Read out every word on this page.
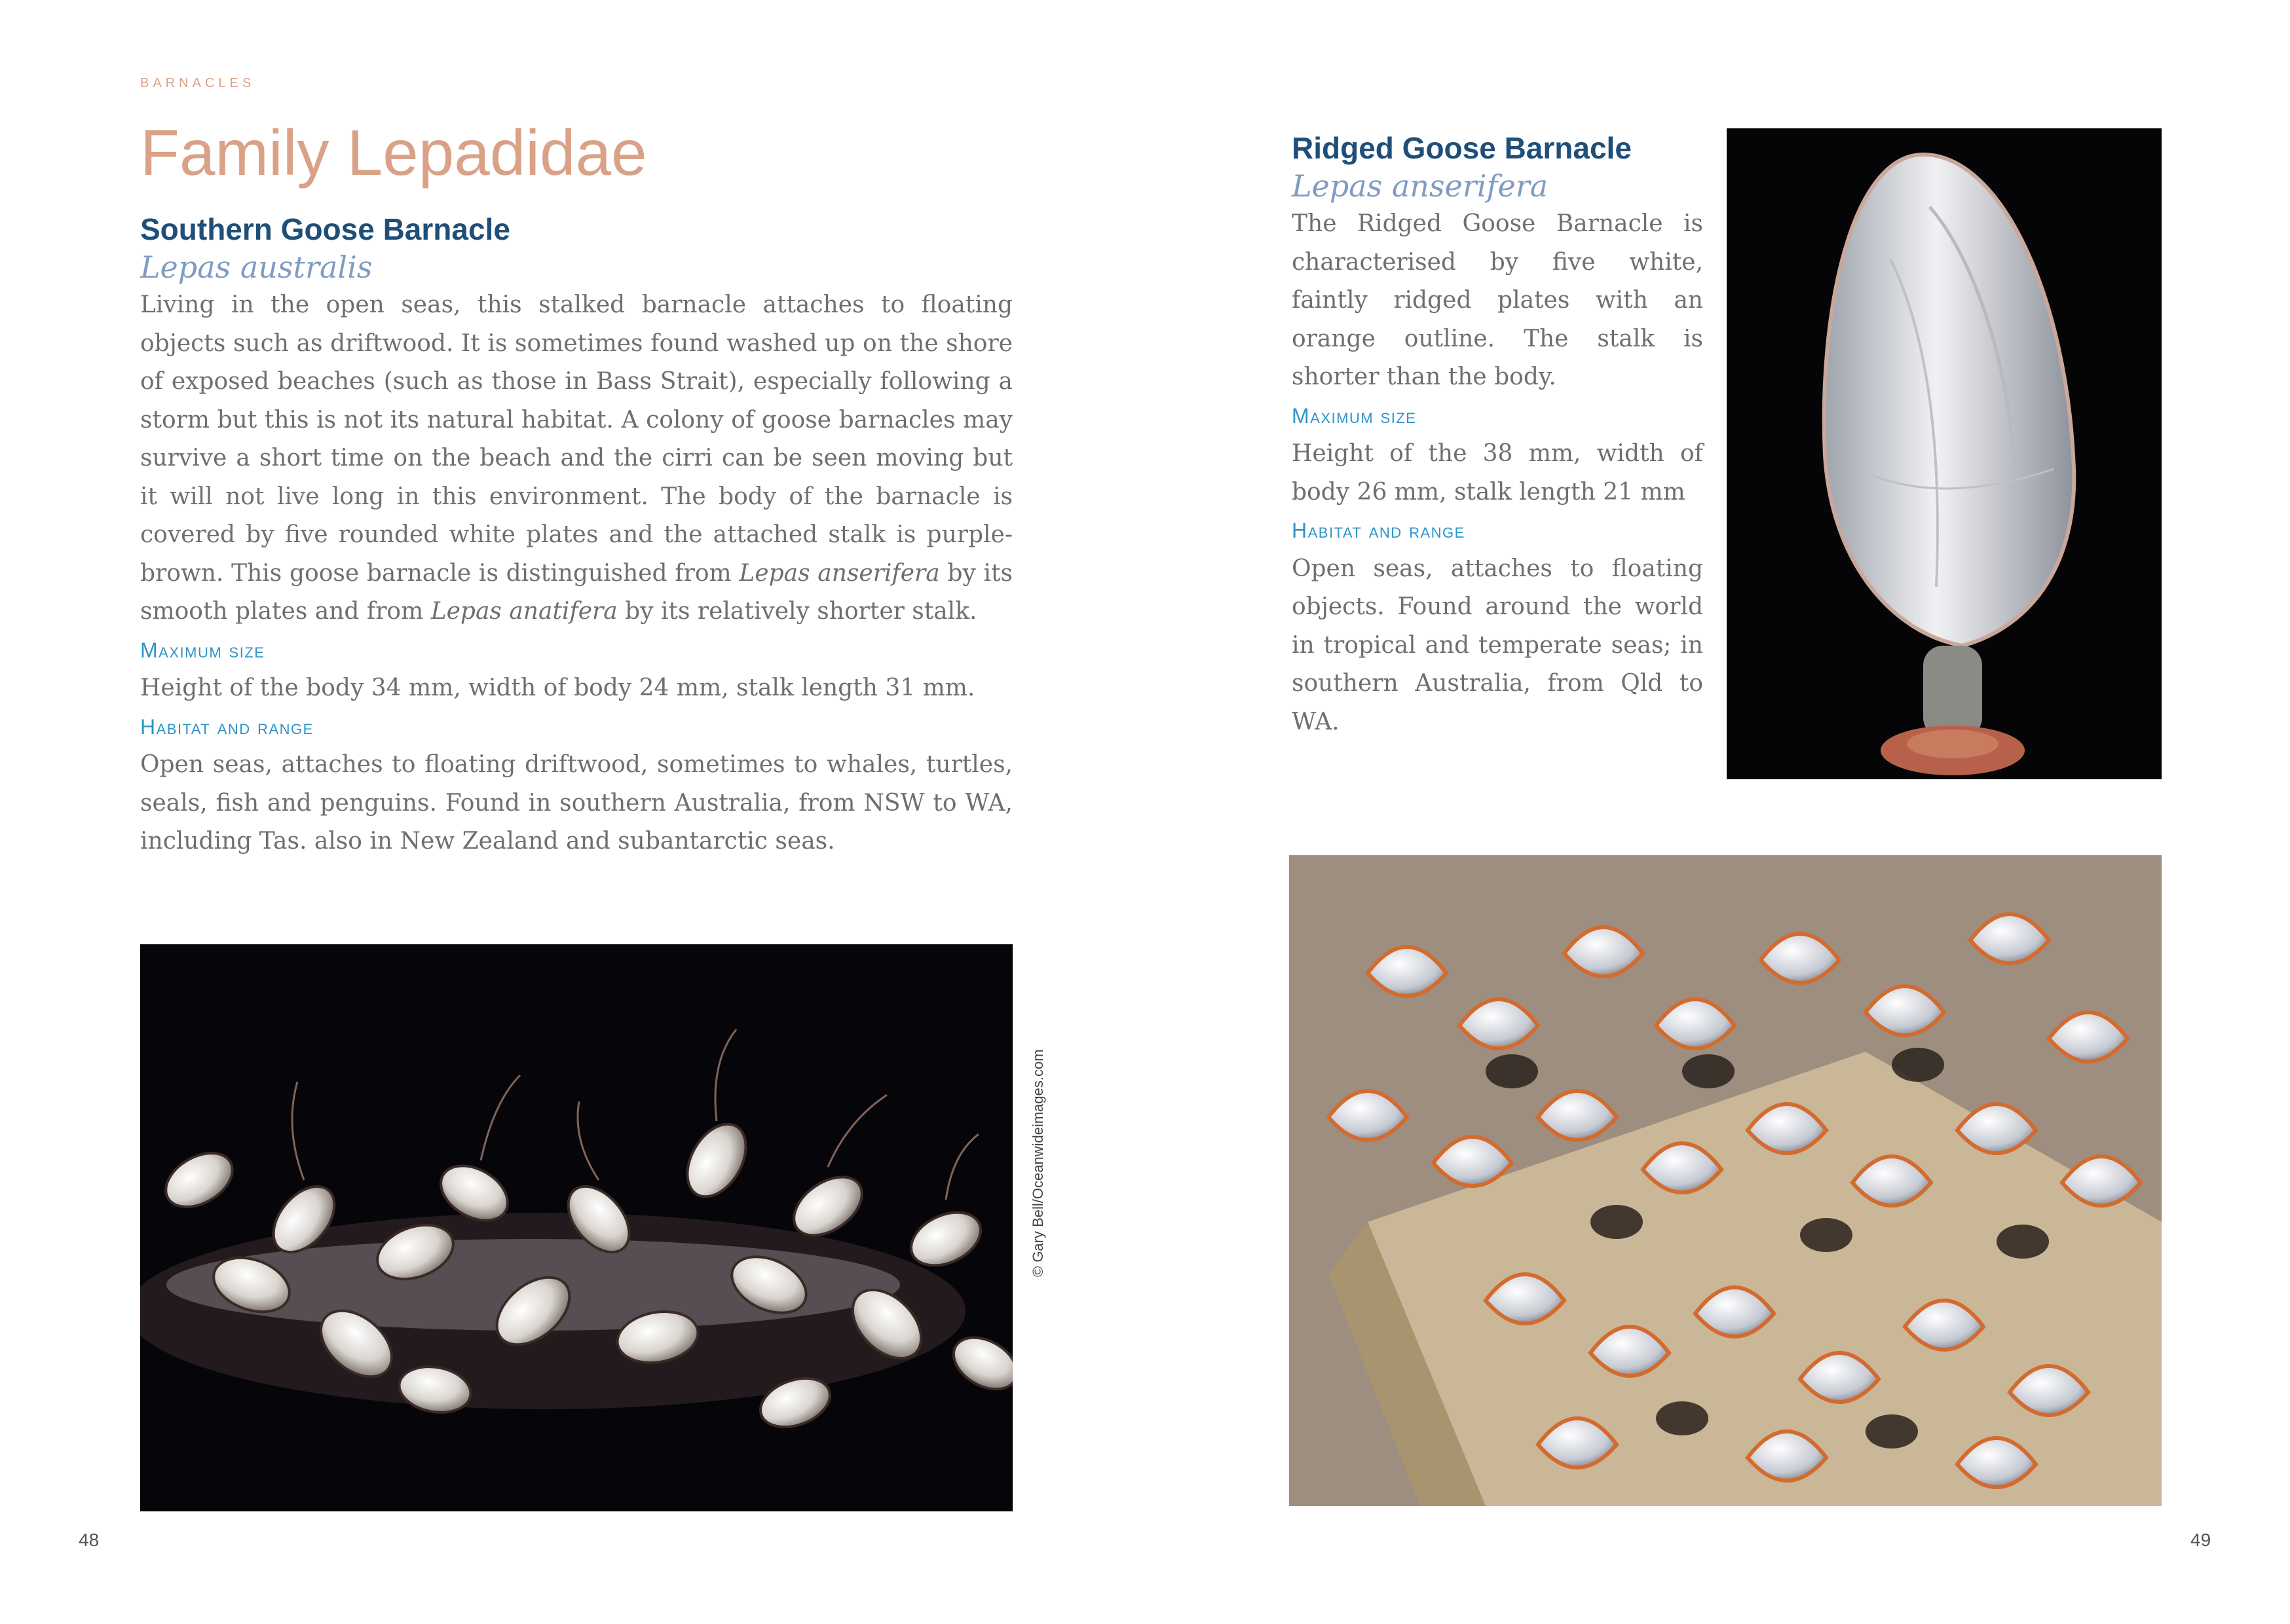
BARNACLES
Family Lepadidae
Southern Goose Barnacle
Lepas australis

Living in the open seas, this stalked barnacle attaches to floating objects such as driftwood. It is sometimes found washed up on the shore of exposed beaches (such as those in Bass Strait), especially following a storm but this is not its natural habitat. A colony of goose barnacles may survive a short time on the beach and the cirri can be seen moving but it will not live long in this environment. The body of the barnacle is covered by five rounded white plates and the attached stalk is purple-brown. This goose barnacle is distinguished from Lepas anserifera by its smooth plates and from Lepas anatifera by its relatively shorter stalk.

Maximum size

Height of the body 34 mm, width of body 24 mm, stalk length 31 mm.

Habitat and range

Open seas, attaches to floating driftwood, sometimes to whales, turtles, seals, fish and penguins. Found in southern Australia, from NSW to WA, including Tas. also in New Zealand and subantarctic seas.

© Gary Bell/Oceanwideimages.com
Ridged Goose Barnacle
Lepas anserifera

The Ridged Goose Barnacle is characterised by five white, faintly ridged plates with an orange outline. The stalk is shorter than the body.

Maximum size

Height of the 38 mm, width of body 26 mm, stalk length 21 mm

Habitat and range

Open seas, attaches to floating objects. Found around the world in tropical and temperate seas; in southern Australia, from Qld to WA.

48	49
